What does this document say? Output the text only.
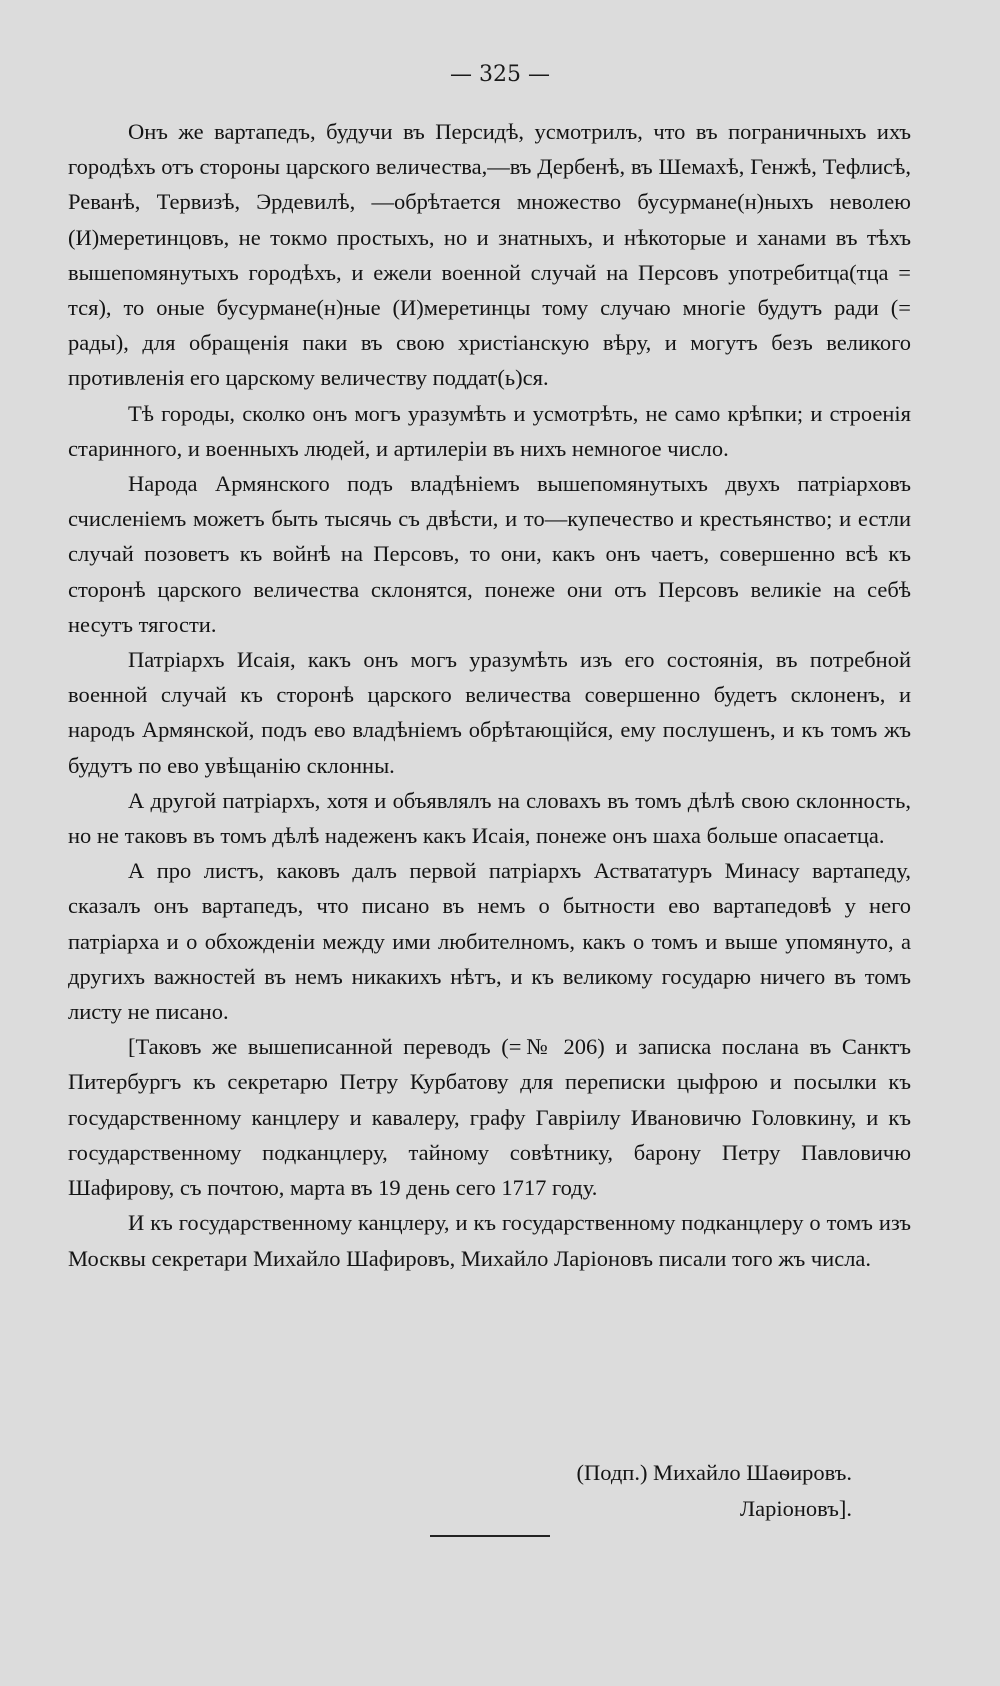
— 325 —

Онъ же вартапедъ, будучи въ Персидѣ, усмотрилъ, что въ пограничныхъ ихъ городѣхъ отъ стороны царского величества,—въ Дербенѣ, въ Шемахѣ, Генжѣ, Тефлисѣ, Реванѣ, Тервизѣ, Эрдевилѣ, —обрѣтается множество бусурмане(н)ныхъ неволею (И)меретинцовъ, не токмо простыхъ, но и знатныхъ, и нѣкоторые и ханами въ тѣхъ вышепомянутыхъ городѣхъ, и ежели военной случай на Персовъ употребитца(тца = тся), то оные бусурмане(н)ные (И)меретинцы тому случаю многіе будутъ ради (= рады), для обращенія паки въ свою христіанскую вѣру, и могутъ безъ великого противленія его царскому величеству поддат(ь)ся.

Тѣ городы, сколко онъ могъ уразумѣть и усмотрѣть, не само крѣпки; и строенія старинного, и военныхъ людей, и артилеріи въ нихъ немногое число.

Народа Армянского подъ владѣніемъ вышепомянутыхъ двухъ патріарховъ счисленіемъ можетъ быть тысячь съ двѣсти, и то—купечество и крестьянство; и естли случай позоветъ къ войнѣ на Персовъ, то они, какъ онъ чаетъ, совершенно всѣ къ сторонѣ царского величества склонятся, понеже они отъ Персовъ великіе на себѣ несутъ тягости.

Патріархъ Исаія, какъ онъ могъ уразумѣть изъ его состоянія, въ потребной военной случай къ сторонѣ царского величества совершенно будетъ склоненъ, и народъ Армянской, подъ ево владѣніемъ обрѣтающійся, ему послушенъ, и къ томъ жъ будутъ по ево увѣщанію склонны.

А другой патріархъ, хотя и объявлялъ на словахъ въ томъ дѣлѣ свою склонность, но не таковъ въ томъ дѣлѣ надеженъ какъ Исаія, понеже онъ шаха больше опасаетца.

А про листъ, каковъ далъ первой патріархъ Аствататуръ Минасу вартапеду, сказалъ онъ вартапедъ, что писано въ немъ о бытности ево вартапедовѣ у него патріарха и о обхожденіи между ими любителномъ, какъ о томъ и выше упомянуто, а другихъ важностей въ немъ никакихъ нѣтъ, и къ великому государю ничего въ томъ листу не писано.

[Таковъ же вышеписанной переводъ (=№ 206) и записка послана въ Санктъ Питербургъ къ секретарю Петру Курбатову для переписки цыфрою и посылки къ государственному канцлеру и кавалеру, графу Гавріилу Ивановичю Головкину, и къ государственному подканцлеру, тайному совѣтнику, барону Петру Павловичю Шафирову, съ почтою, марта въ 19 день сего 1717 году.

И къ государственному канцлеру, и къ государственному подканцлеру о томъ изъ Москвы секретари Михайло Шафировъ, Михайло Ларіоновъ писали того жъ числа.

(Подп.) Михайло Шаѳировъ.
Ларіоновъ].
